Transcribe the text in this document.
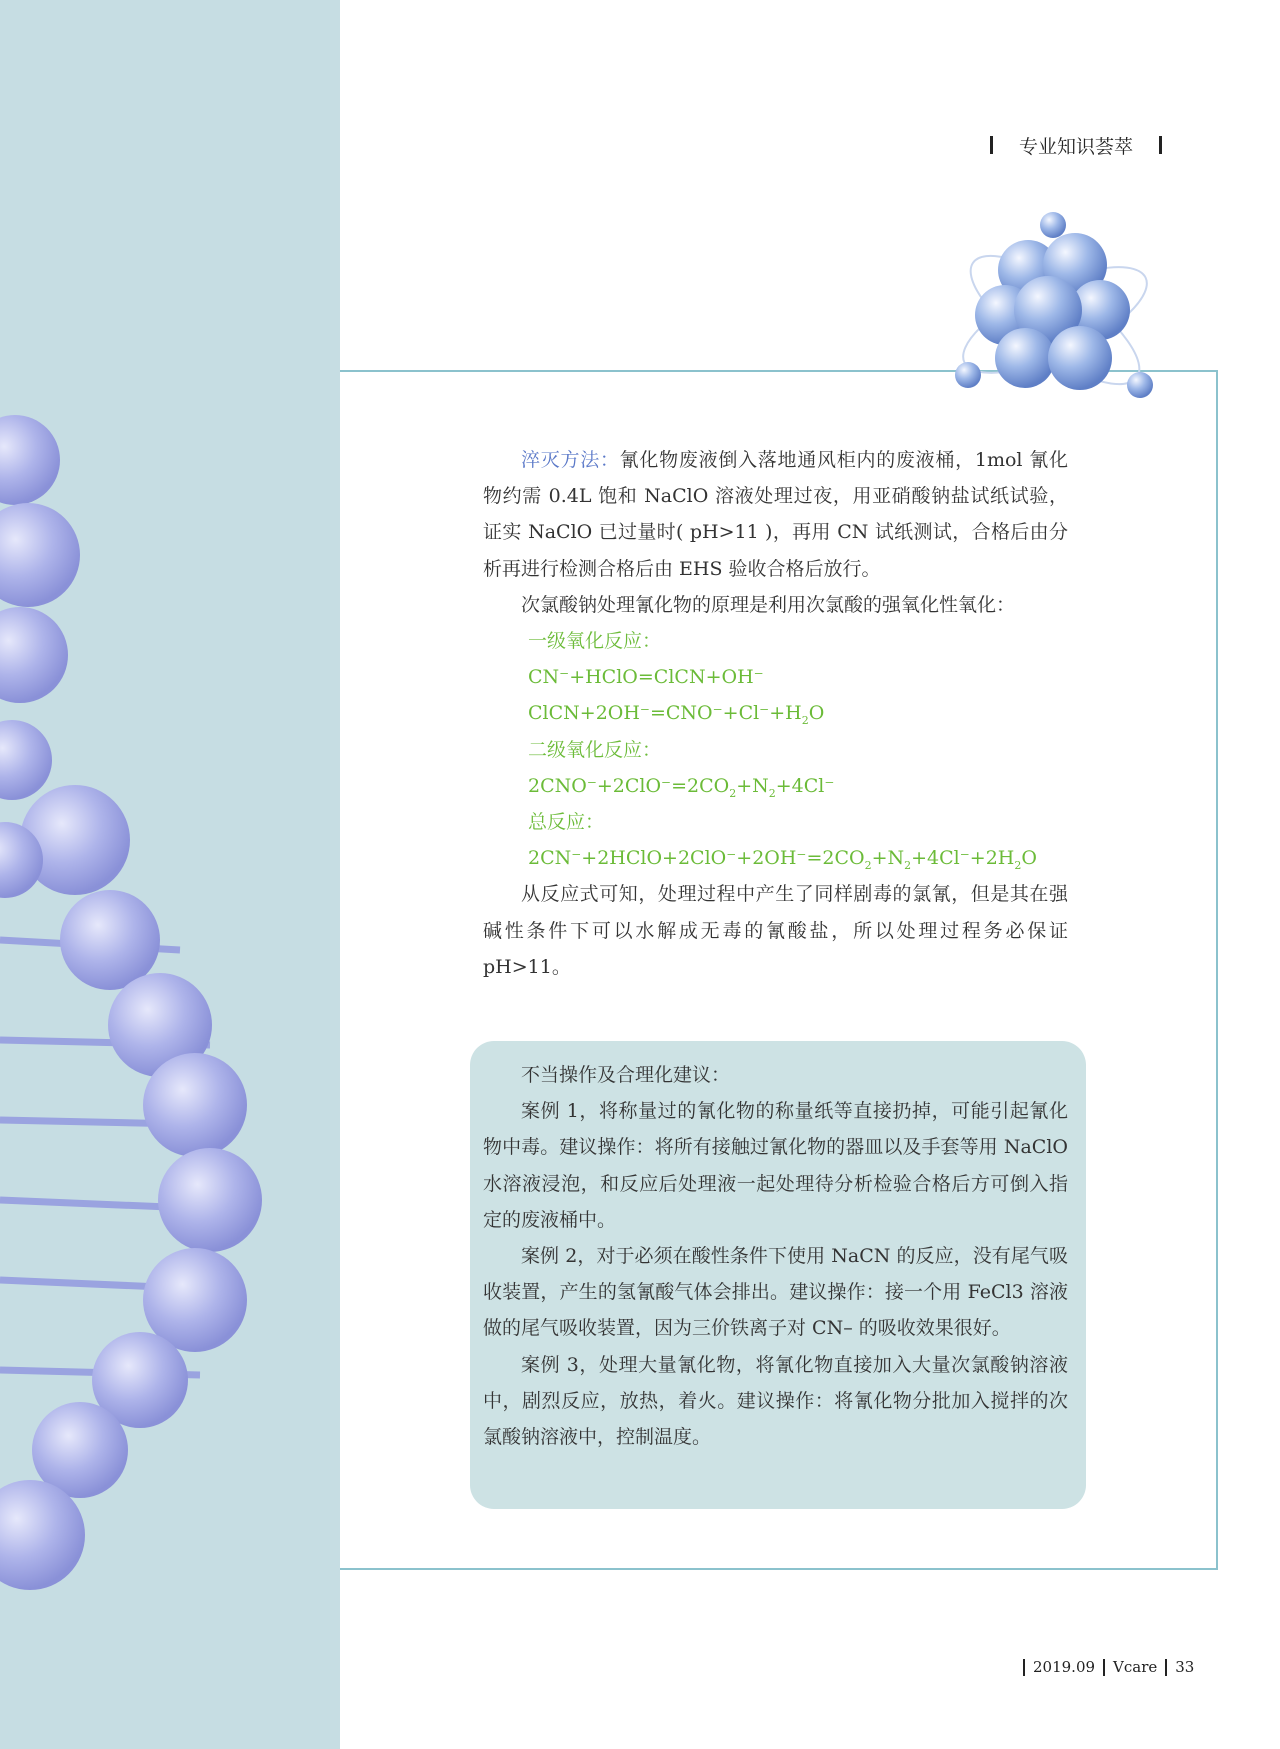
专业知识荟萃

淬灭方法：氰化物废液倒入落地通风柜内的废液桶，1mol 氰化物约需 0.4L 饱和 NaClO 溶液处理过夜，用亚硝酸钠盐试纸试验，证实 NaClO 已过量时( pH>11 )，再用 CN 试纸测试，合格后由分析再进行检测合格后由 EHS 验收合格后放行。

次氯酸钠处理氰化物的原理是利用次氯酸的强氧化性氧化：

一级氧化反应：
CN⁻+HClO=ClCN+OH⁻
$ClCN+2OH^-=CNO^-+Cl^-+H_2O$
二级氧化反应：
$2CNO^-+2ClO^-=2CO_2+N_2+4Cl^-$
总反应：$2CN^-+2HClO+2ClO^-+2OH^-=2CO_2+N_2+4Cl^-+2H_2O$

从反应式可知，处理过程中产生了同样剧毒的氯氰，但是其在强碱性条件下可以水解成无毒的氰酸盐，所以处理过程务必保证 pH>11。

不当操作及合理化建议：

案例 1，将称量过的氰化物的称量纸等直接扔掉，可能引起氰化物中毒。建议操作：将所有接触过氰化物的器皿以及手套等用 NaClO 水溶液浸泡，和反应后处理液一起处理待分析检验合格后方可倒入指定的废液桶中。

案例 2，对于必须在酸性条件下使用 NaCN 的反应，没有尾气吸收装置，产生的氢氰酸气体会排出。建议操作：接一个用 FeCl3 溶液做的尾气吸收装置，因为三价铁离子对 CN– 的吸收效果很好。

案例 3，处理大量氰化物，将氰化物直接加入大量次氯酸钠溶液中，剧烈反应，放热，着火。建议操作：将氰化物分批加入搅拌的次氯酸钠溶液中，控制温度。

2019.09 Vcare 33
